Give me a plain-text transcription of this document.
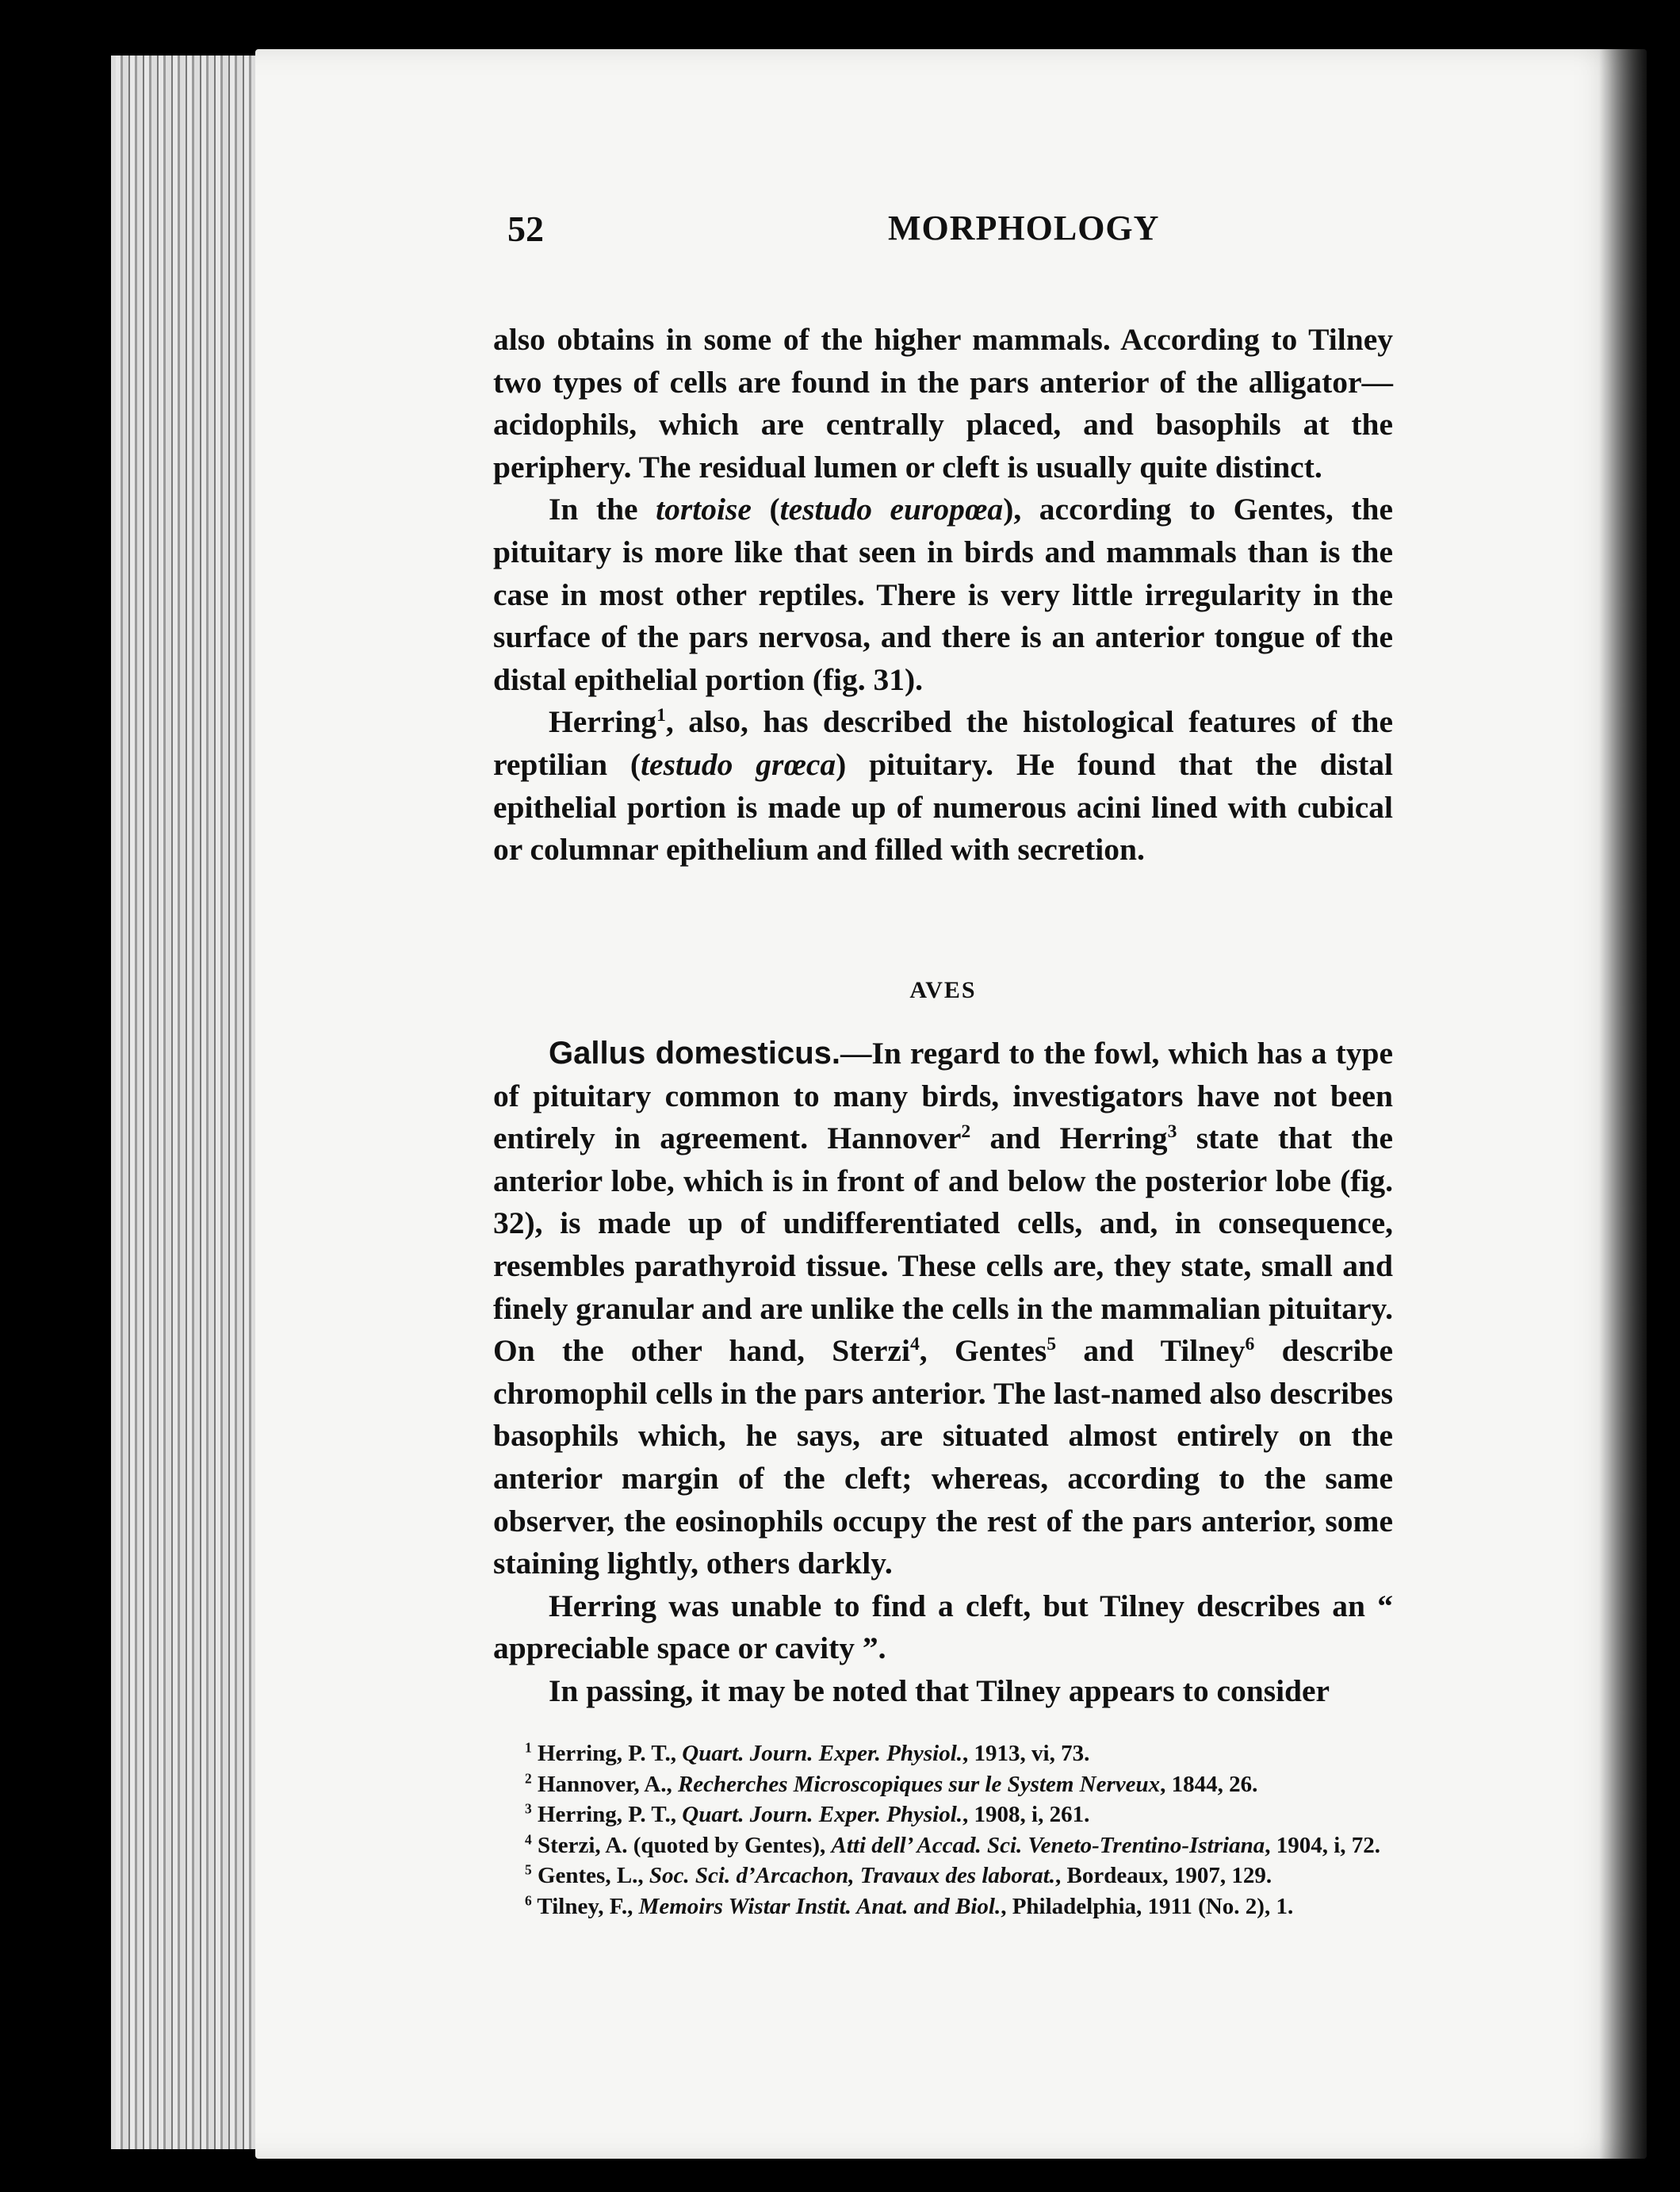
52	MORPHOLOGY

also obtains in some of the higher mammals. According to Tilney two types of cells are found in the pars anterior of the alligator—acidophils, which are centrally placed, and basophils at the periphery. The residual lumen or cleft is usually quite distinct.

In the tortoise (testudo europœa), according to Gentes, the pituitary is more like that seen in birds and mammals than is the case in most other reptiles. There is very little irregularity in the surface of the pars nervosa, and there is an anterior tongue of the distal epithelial portion (fig. 31).

Herring$^1$, also, has described the histological features of the reptilian (testudo grœca) pituitary. He found that the distal epithelial portion is made up of numerous acini lined with cubical or columnar epithelium and filled with secretion.

AVES

Gallus domesticus.—In regard to the fowl, which has a type of pituitary common to many birds, investigators have not been entirely in agreement. Hannover$^2$ and Herring$^3$ state that the anterior lobe, which is in front of and below the posterior lobe (fig. 32), is made up of undifferentiated cells, and, in consequence, resembles parathyroid tissue. These cells are, they state, small and finely granular and are unlike the cells in the mammalian pituitary. On the other hand, Sterzi$^4$, Gentes$^5$ and Tilney$^6$ describe chromophil cells in the pars anterior. The last-named also describes basophils which, he says, are situated almost entirely on the anterior margin of the cleft; whereas, according to the same observer, the eosinophils occupy the rest of the pars anterior, some staining lightly, others darkly.

Herring was unable to find a cleft, but Tilney describes an “ appreciable space or cavity ”.

In passing, it may be noted that Tilney appears to consider

$^1$ Herring, P. T., Quart. Journ. Exper. Physiol., 1913, vi, 73.

$^2$ Hannover, A., Recherches Microscopiques sur le System Nerveux, 1844, 26.

$^3$ Herring, P. T., Quart. Journ. Exper. Physiol., 1908, i, 261.

$^4$ Sterzi, A. (quoted by Gentes), Atti dell’ Accad. Sci. Veneto-Trentino-Istriana, 1904, i, 72.

$^5$ Gentes, L., Soc. Sci. d’Arcachon, Travaux des laborat., Bordeaux, 1907, 129.

$^6$ Tilney, F., Memoirs Wistar Instit. Anat. and Biol., Philadelphia, 1911 (No. 2), 1.
